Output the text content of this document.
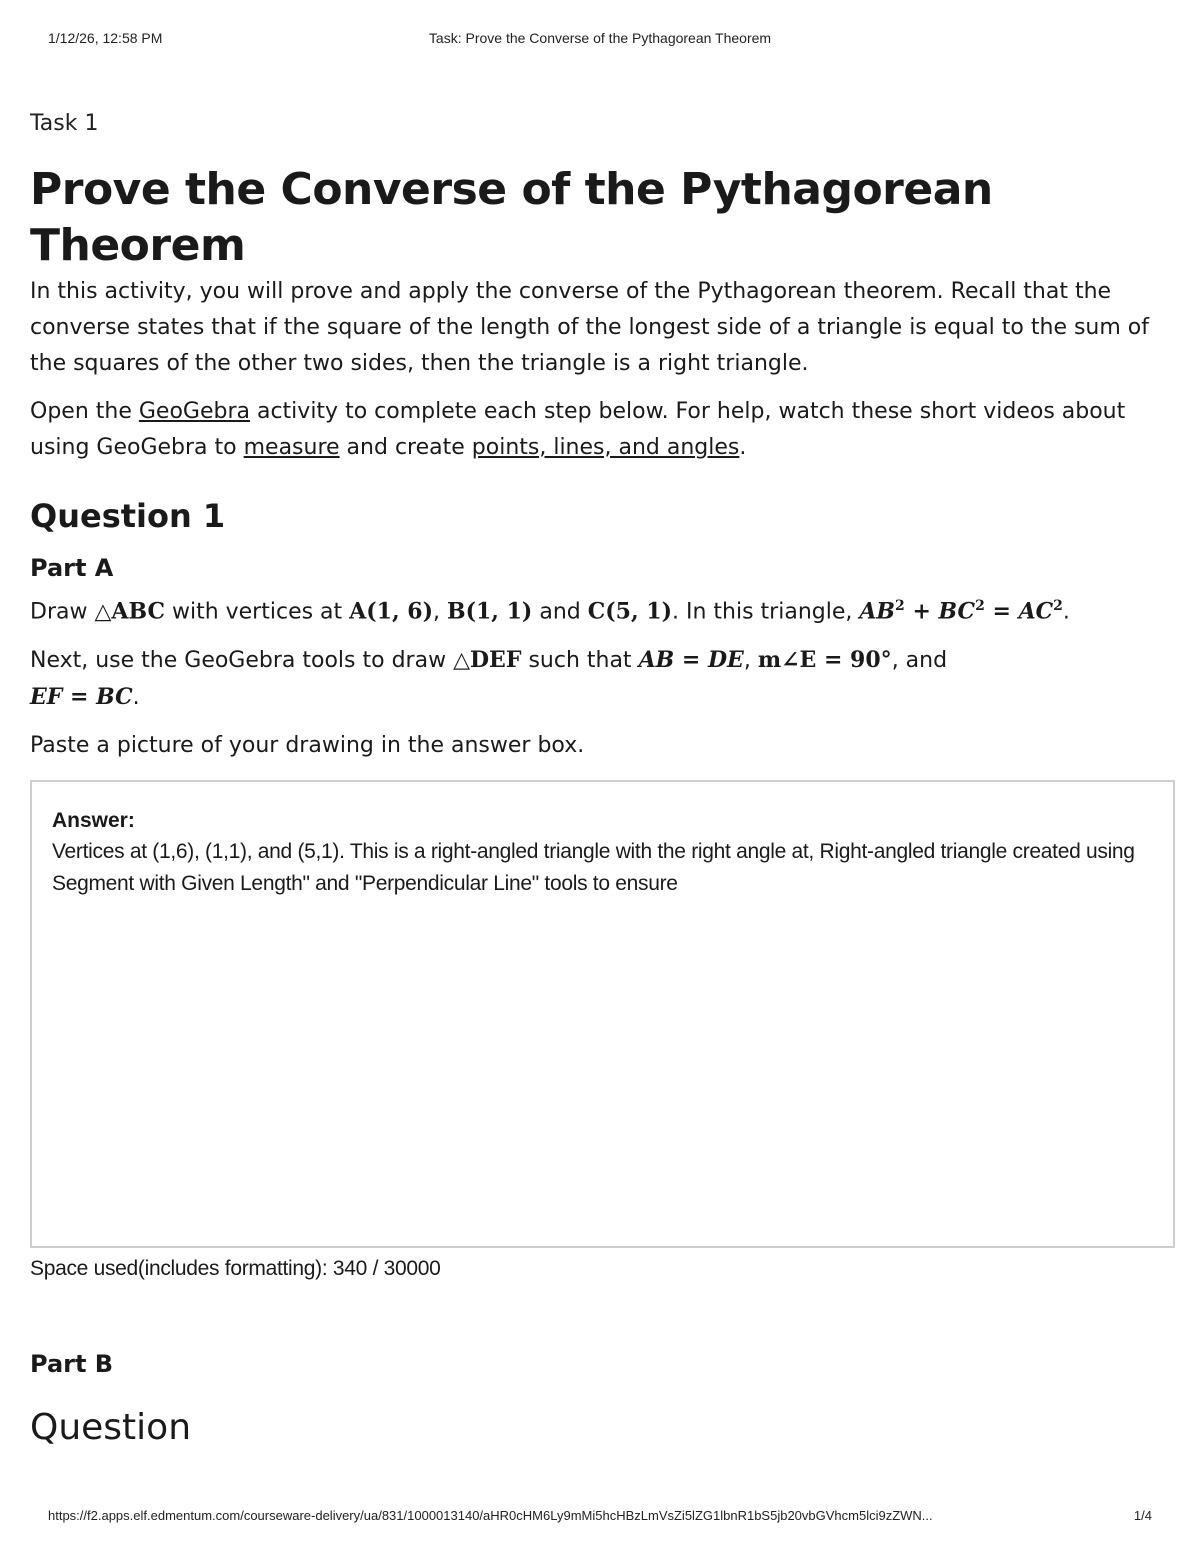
1/12/26, 12:58 PM	Task: Prove the Converse of the Pythagorean Theorem

Task 1

Prove the Converse of the Pythagorean Theorem

In this activity, you will prove and apply the converse of the Pythagorean theorem. Recall that the converse states that if the square of the length of the longest side of a triangle is equal to the sum of the squares of the other two sides, then the triangle is a right triangle.

Open the GeoGebra activity to complete each step below. For help, watch these short videos about using GeoGebra to measure and create points, lines, and angles.

Question 1
Part A

Draw △ABC with vertices at A(1, 6), B(1, 1) and C(5, 1). In this triangle, $AB^2 + BC^2 = AC^2$.

Next, use the GeoGebra tools to draw △DEF such that AB = DE, m∠E = 90°, and
EF = BC.

Paste a picture of your drawing in the answer box.

Answer:
Vertices at (1,6), (1,1), and (5,1). This is a right-angled triangle with the right angle at, Right-angled triangle created using Segment with Given Length" and "Perpendicular Line" tools to ensure
Space used(includes formatting): 340 / 30000
Part B
Question
https://f2.apps.elf.edmentum.com/courseware-delivery/ua/831/1000013140/aHR0cHM6Ly9mMi5hcHBzLmVsZi5lZG1lbnR1bS5jb20vbGVhcm5lci9zZWN...	1/4
